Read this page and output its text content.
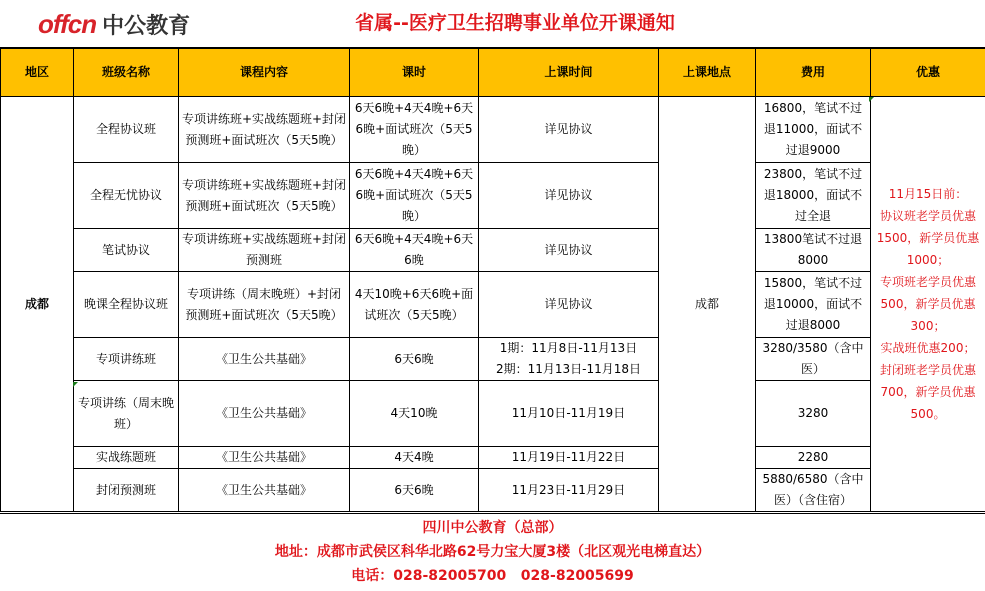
offcn 中公教育	省属--医疗卫生招聘事业单位开课通知
地区	班级名称	课程内容	课时	上课时间	上课地点	费用	优惠
成都	全程协议班	专项讲练班+实战练题班+封闭预测班+面试班次（5天5晚）	6天6晚+4天4晚+6天6晚+面试班次（5天5晚）	详见协议	成都	16800，笔试不过退11000，面试不过退9000	11月15日前：
协议班老学员优惠1500，新学员优惠1000；
专项班老学员优惠500，新学员优惠300；
实战班优惠200；
封闭班老学员优惠700，新学员优惠500。

	全程无忧协议	专项讲练班+实战练题班+封闭预测班+面试班次（5天5晚）	6天6晚+4天4晚+6天6晚+面试班次（5天5晚）	详见协议		23800，笔试不过退18000，面试不过全退	
	笔试协议	专项讲练班+实战练题班+封闭预测班	6天6晚+4天4晚+6天6晚	详见协议		13800笔试不过退8000	
	晚课全程协议班	专项讲练（周末晚班）+封闭预测班+面试班次（5天5晚）	4天10晚+6天6晚+面试班次（5天5晚）	详见协议		15800，笔试不过退10000，面试不过退8000	
	专项讲练班	《卫生公共基础》	6天6晚	1期：11月8日-11月13日
2期：11月13日-11月18日		3280/3580（含中医）	
	专项讲练（周末晚班）	《卫生公共基础》	4天10晚	11月10日-11月19日		3280	
	实战练题班	《卫生公共基础》	4天4晚	11月19日-11月22日		2280	
	封闭预测班	《卫生公共基础》	6天6晚	11月23日-11月29日		5880/6580（含中医）（含住宿）	
四川中公教育（总部）
地址：成都市武侯区科华北路62号力宝大厦3楼（北区观光电梯直达）
电话：028-82005700   028-82005699
